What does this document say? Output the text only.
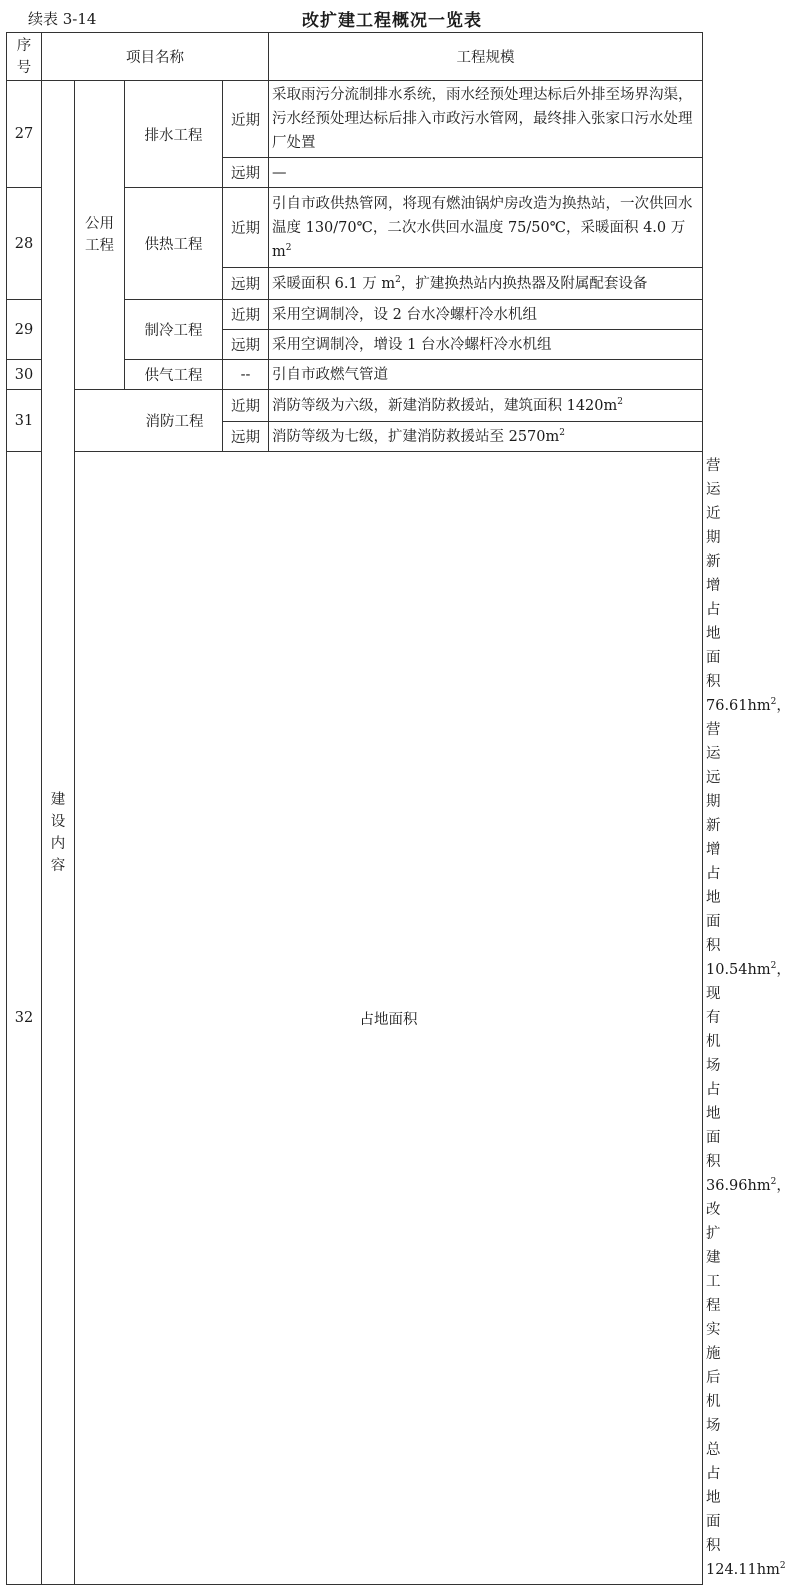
续表 3-14	改扩建工程概况一览表
序号	项目名称				工程规模	
27	建设内容	公用工程	排水工程	近期	采取雨污分流制排水系统，雨水经预处理达标后外排至场界沟渠，污水经预处理达标后排入市政污水管网，最终排入张家口污水处理厂处置	
				远期	—	
28			供热工程	近期	引自市政供热管网，将现有燃油锅炉房改造为换热站，一次供回水温度 130/70℃，二次水供回水温度 75/50℃，采暖面积 4.0 万 $m^2$
				远期	采暖面积 6.1 万 $m^2$，扩建换热站内换热器及附属配套设备	
29			制冷工程	近期	采用空调制冷，设 2 台水冷螺杆冷水机组	
				远期	采用空调制冷，增设 1 台水冷螺杆冷水机组	
30			供气工程	--	引自市政燃气管道	
31		消防工程		近期	消防等级为六级，新建消防救援站，建筑面积 $1420m^2$
				远期	消防等级为七级，扩建消防救援站至 $2570m^2$
32		占地面积				营运近期新增占地面积 $76.61hm^2$，营运远期新增占地面积 $10.54hm^2$，现有机场占地面积 $36.96hm^2$，改扩建工程实施后机场总占地面积 $124.11hm^2$
